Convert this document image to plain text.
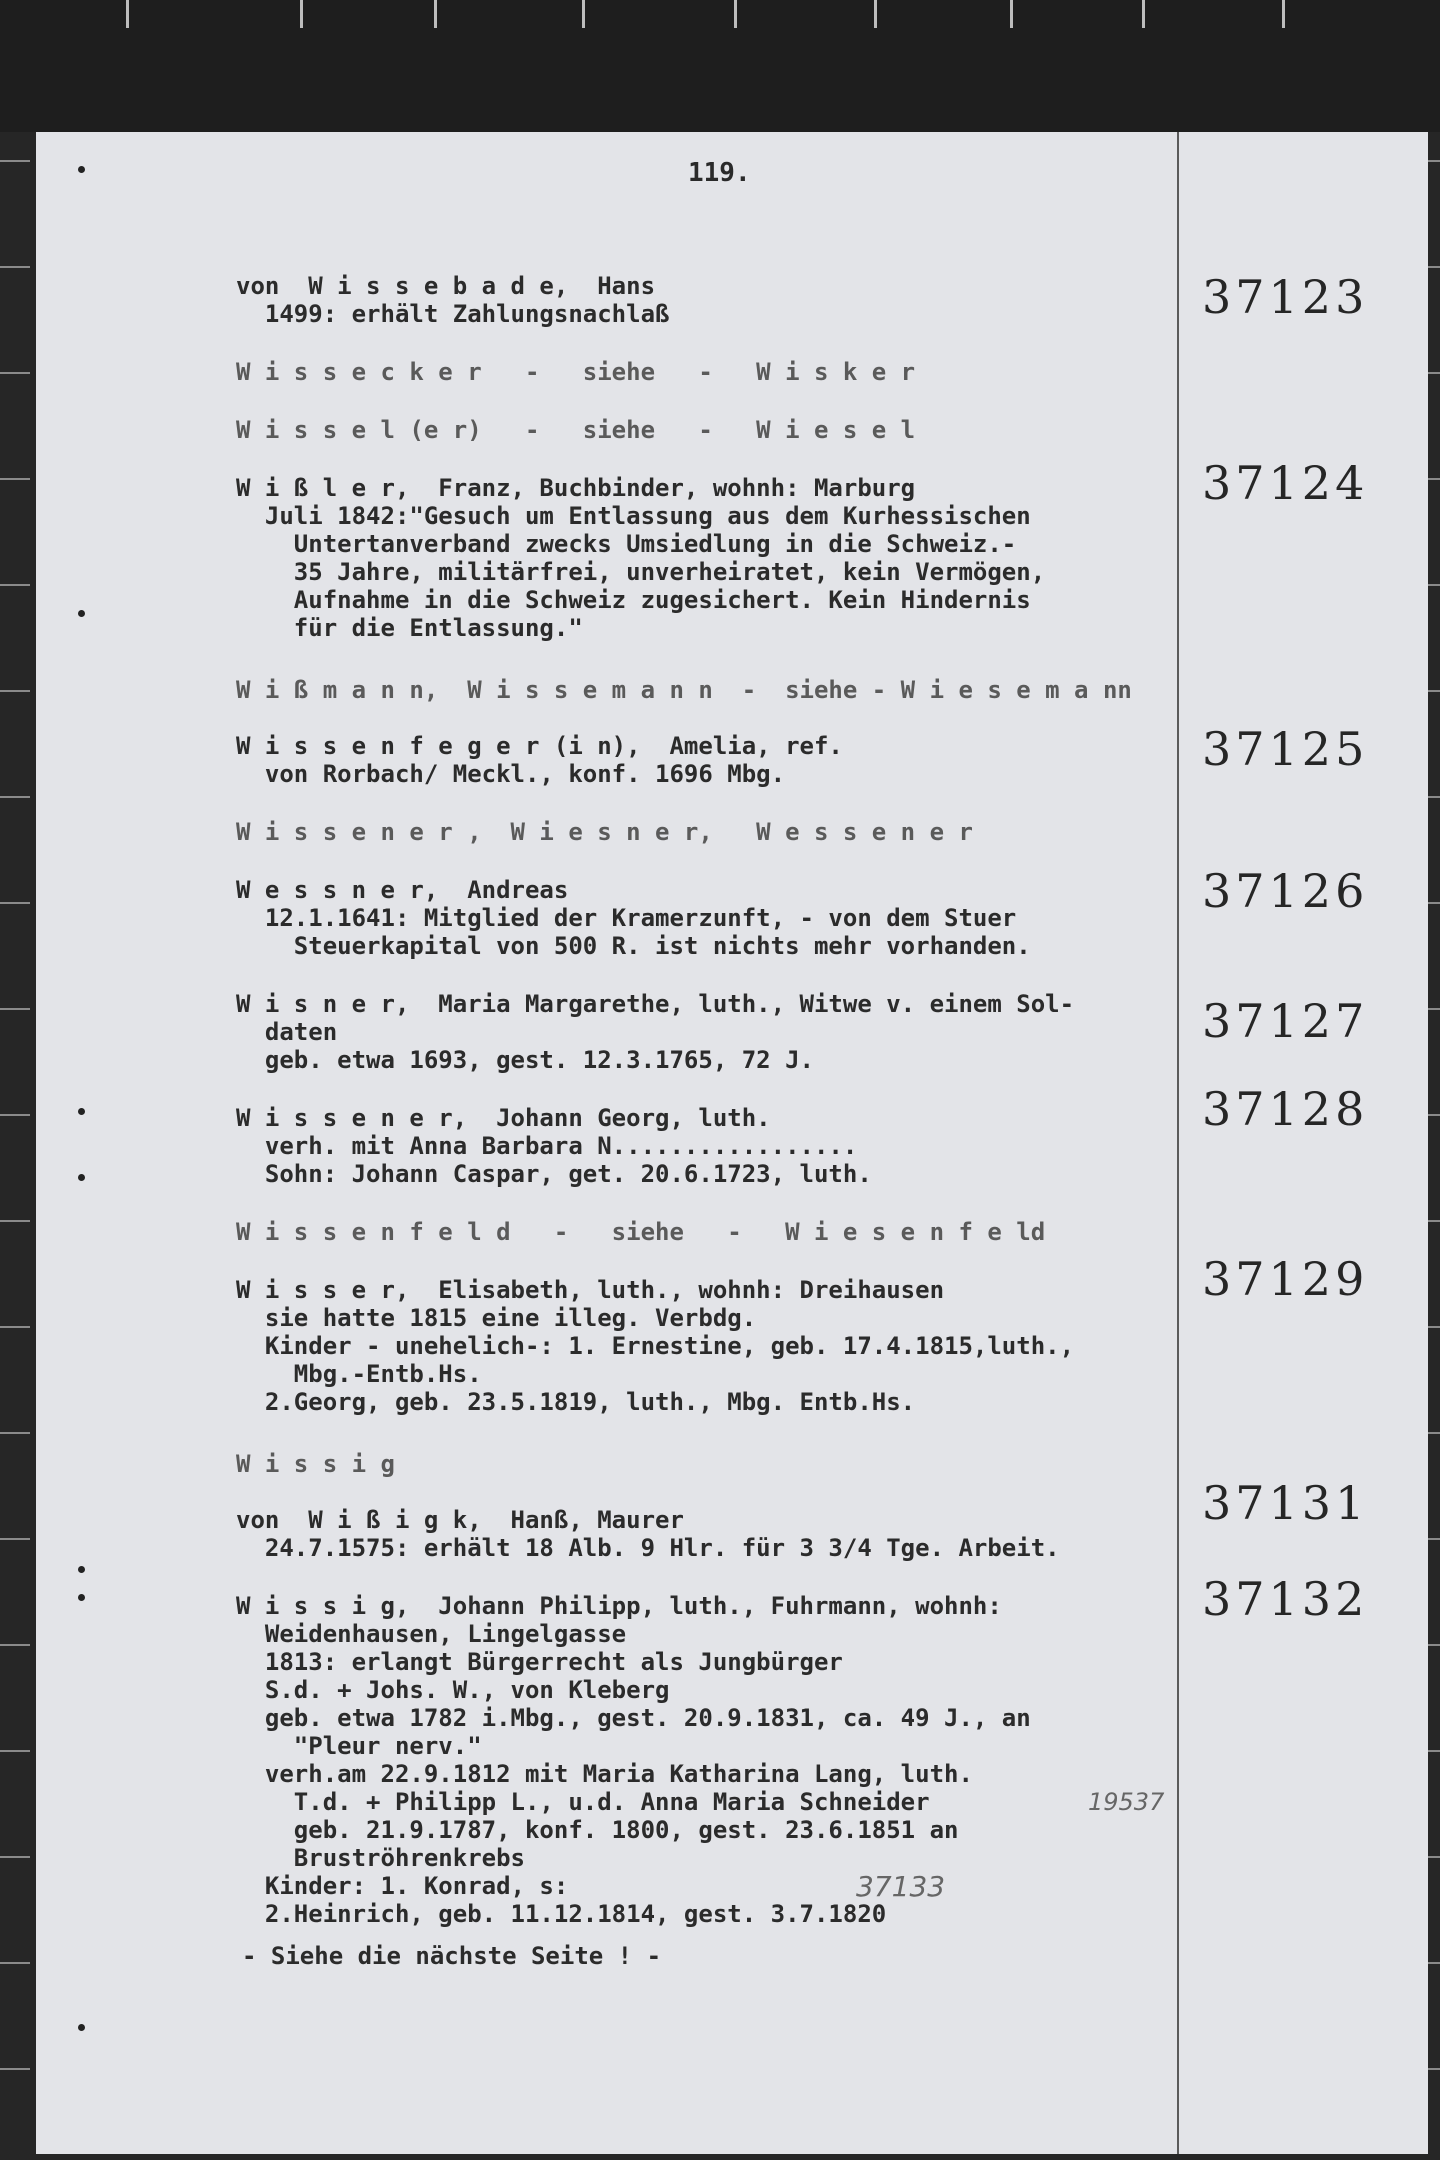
119.
von  W i s s e b a d e,  Hans
1499: erhält Zahlungsnachlaß	37123
W i s s e c k e r   -   siehe   -   W i s k e r
W i s s e l (e r)   -   siehe   -   W i e s e l
W i ß l e r,  Franz, Buchbinder, wohnh: Marburg
Juli 1842:"Gesuch um Entlassung aus dem Kurhessischen
Untertanverband zwecks Umsiedlung in die Schweiz.-
35 Jahre, militärfrei, unverheiratet, kein Vermögen,
Aufnahme in die Schweiz zugesichert. Kein Hindernis
für die Entlassung."
37124
W i ß m a n n,  W i s s e m a n n  -  siehe - W i e s e m a nn
W i s s e n f e g e r (i n),  Amelia, ref.
von Rorbach/ Meckl., konf. 1696 Mbg.	37125
W i s s e n e r ,  W i e s n e r,   W e s s e n e r
W e s s n e r,  Andreas
12.1.1641: Mitglied der Kramerzunft, - von dem Stuer
Steuerkapital von 500 R. ist nichts mehr vorhanden.
37126
W i s n e r,  Maria Margarethe, luth., Witwe v. einem Sol-
daten
geb. etwa 1693, gest. 12.3.1765, 72 J.
37127
W i s s e n e r,  Johann Georg, luth.
verh. mit Anna Barbara N.................
Sohn: Johann Caspar, get. 20.6.1723, luth.
37128
W i s s e n f e l d   -   siehe   -   W i e s e n f e ld
W i s s e r,  Elisabeth, luth., wohnh: Dreihausen
sie hatte 1815 eine illeg. Verbdg.
Kinder - unehelich-: 1. Ernestine, geb. 17.4.1815,luth.,
Mbg.-Entb.Hs.
2.Georg, geb. 23.5.1819, luth., Mbg. Entb.Hs.
37129
W i s s i g
von  W i ß i g k,  Hanß, Maurer
24.7.1575: erhält 18 Alb. 9 Hlr. für 3 3/4 Tge. Arbeit.
37131
W i s s i g,  Johann Philipp, luth., Fuhrmann, wohnh:
Weidenhausen, Lingelgasse
1813: erlangt Bürgerrecht als Jungbürger
S.d. + Johs. W., von Kleberg
geb. etwa 1782 i.Mbg., gest. 20.9.1831, ca. 49 J., an
"Pleur nerv."
verh.am 22.9.1812 mit Maria Katharina Lang, luth.
T.d. + Philipp L., u.d. Anna Maria Schneider
geb. 21.9.1787, konf. 1800, gest. 23.6.1851 an
Bruströhrenkrebs
Kinder: 1. Konrad, s:
2.Heinrich, geb. 11.12.1814, gest. 3.7.1820
37132
19537
37133
- Siehe die nächste Seite ! -
